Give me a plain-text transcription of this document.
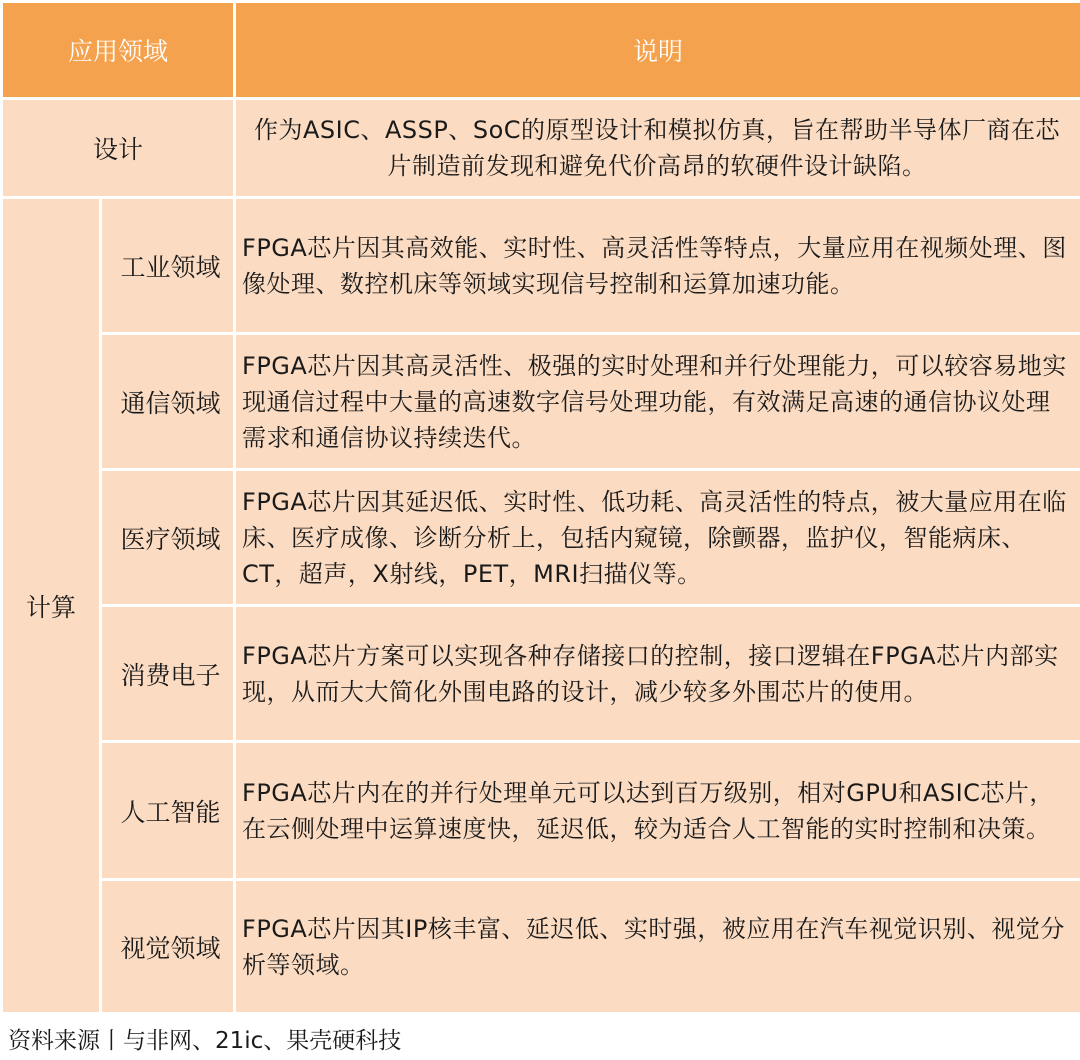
应用领域		说明
设计		作为ASIC、ASSP、SoC的原型设计和模拟仿真，旨在帮助半导体厂商在芯片制造前发现和避免代价高昂的软硬件设计缺陷。
计算	工业领域	FPGA芯片因其高效能、实时性、高灵活性等特点，大量应用在视频处理、图像处理、数控机床等领域实现信号控制和运算加速功能。
	通信领域	FPGA芯片因其高灵活性、极强的实时处理和并行处理能力，可以较容易地实现通信过程中大量的高速数字信号处理功能，有效满足高速的通信协议处理需求和通信协议持续迭代。
	医疗领域	FPGA芯片因其延迟低、实时性、低功耗、高灵活性的特点，被大量应用在临床、医疗成像、诊断分析上，包括内窥镜，除颤器，监护仪，智能病床、CT，超声，X射线，PET，MRI扫描仪等。
	消费电子	FPGA芯片方案可以实现各种存储接口的控制，接口逻辑在FPGA芯片内部实现，从而大大简化外围电路的设计，减少较多外围芯片的使用。
	人工智能	FPGA芯片内在的并行处理单元可以达到百万级别，相对GPU和ASIC芯片，在云侧处理中运算速度快，延迟低，较为适合人工智能的实时控制和决策。
	视觉领域	FPGA芯片因其IP核丰富、延迟低、实时强，被应用在汽车视觉识别、视觉分析等领域。
资料来源丨与非网、21ic、果壳硬科技
